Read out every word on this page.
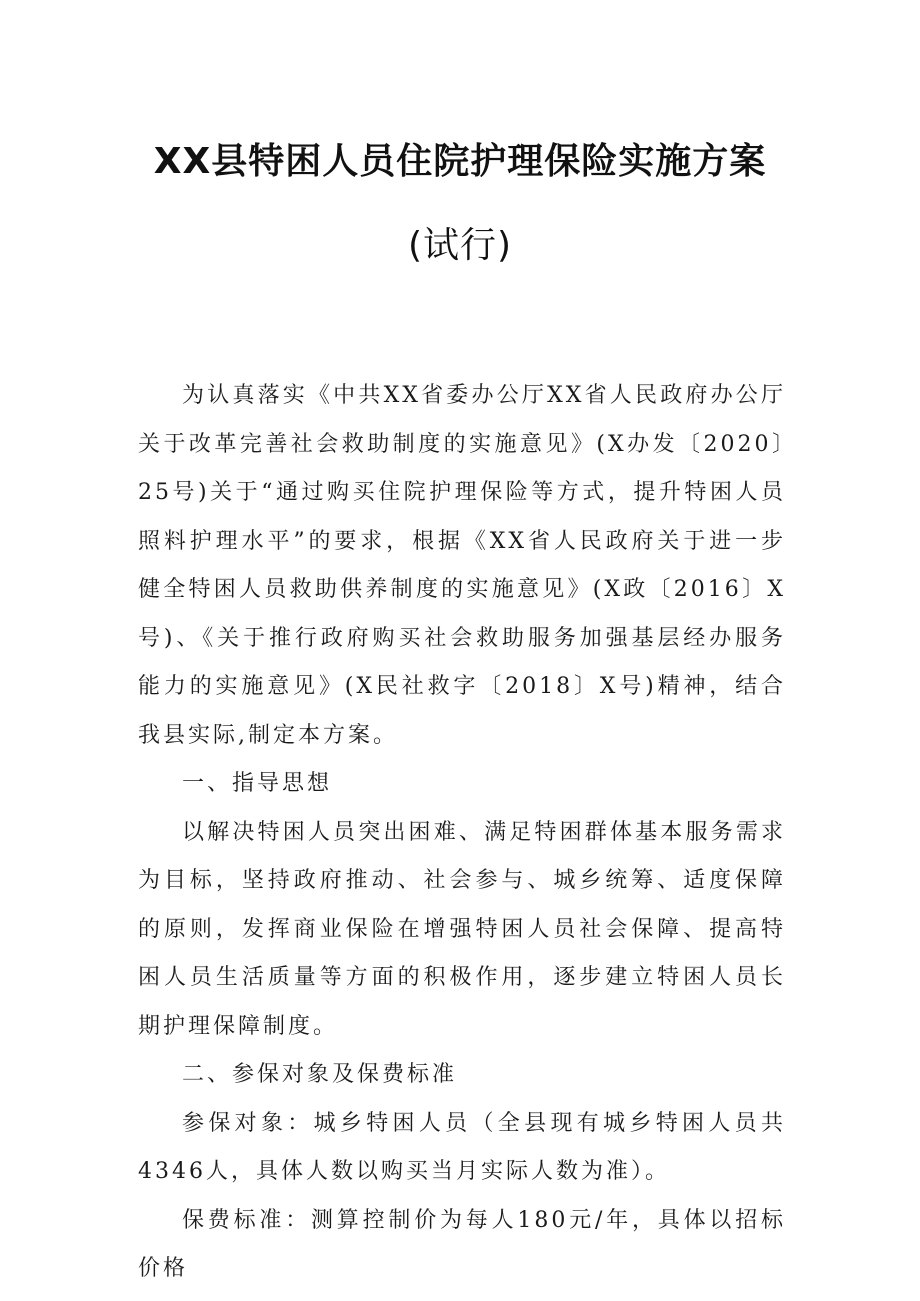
XX县特困人员住院护理保险实施方案
(试行)

为认真落实《中共XX省委办公厅XX省人民政府办公厅关于改革完善社会救助制度的实施意见》(X办发〔2020〕25号)关于“通过购买住院护理保险等方式，提升特困人员照料护理水平”的要求，根据《XX省人民政府关于进一步健全特困人员救助供养制度的实施意见》(X政〔2016〕X号)、《关于推行政府购买社会救助服务加强基层经办服务能力的实施意见》(X民社救字〔2018〕X号)精神，结合我县实际,制定本方案。

一、指导思想

以解决特困人员突出困难、满足特困群体基本服务需求为目标，坚持政府推动、社会参与、城乡统筹、适度保障的原则，发挥商业保险在增强特困人员社会保障、提高特困人员生活质量等方面的积极作用，逐步建立特困人员长期护理保障制度。

二、参保对象及保费标准

参保对象：城乡特困人员（全县现有城乡特困人员共4346人，具体人数以购买当月实际人数为准）。

保费标准：测算控制价为每人180元/年，具体以招标价格
